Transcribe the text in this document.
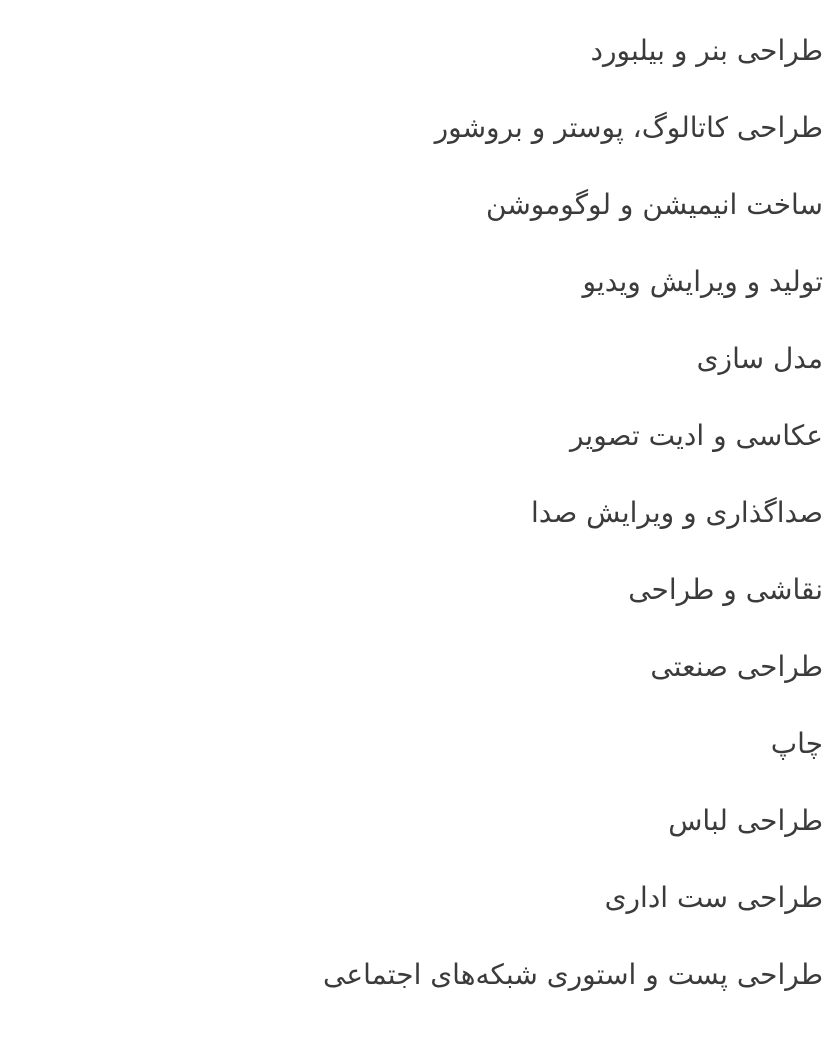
طراحی بنر و بیلبورد
طراحی کاتالوگ، پوستر و بروشور
ساخت انیمیشن و لوگوموشن
تولید و ویرایش ویدیو
مدل سازی
عکاسی و ادیت تصویر
صداگذاری و ویرایش صدا
نقاشی و طراحی
طراحی صنعتی
چاپ
طراحی لباس
طراحی ست اداری
طراحی پست و استوری شبکه‌های اجتماعی
